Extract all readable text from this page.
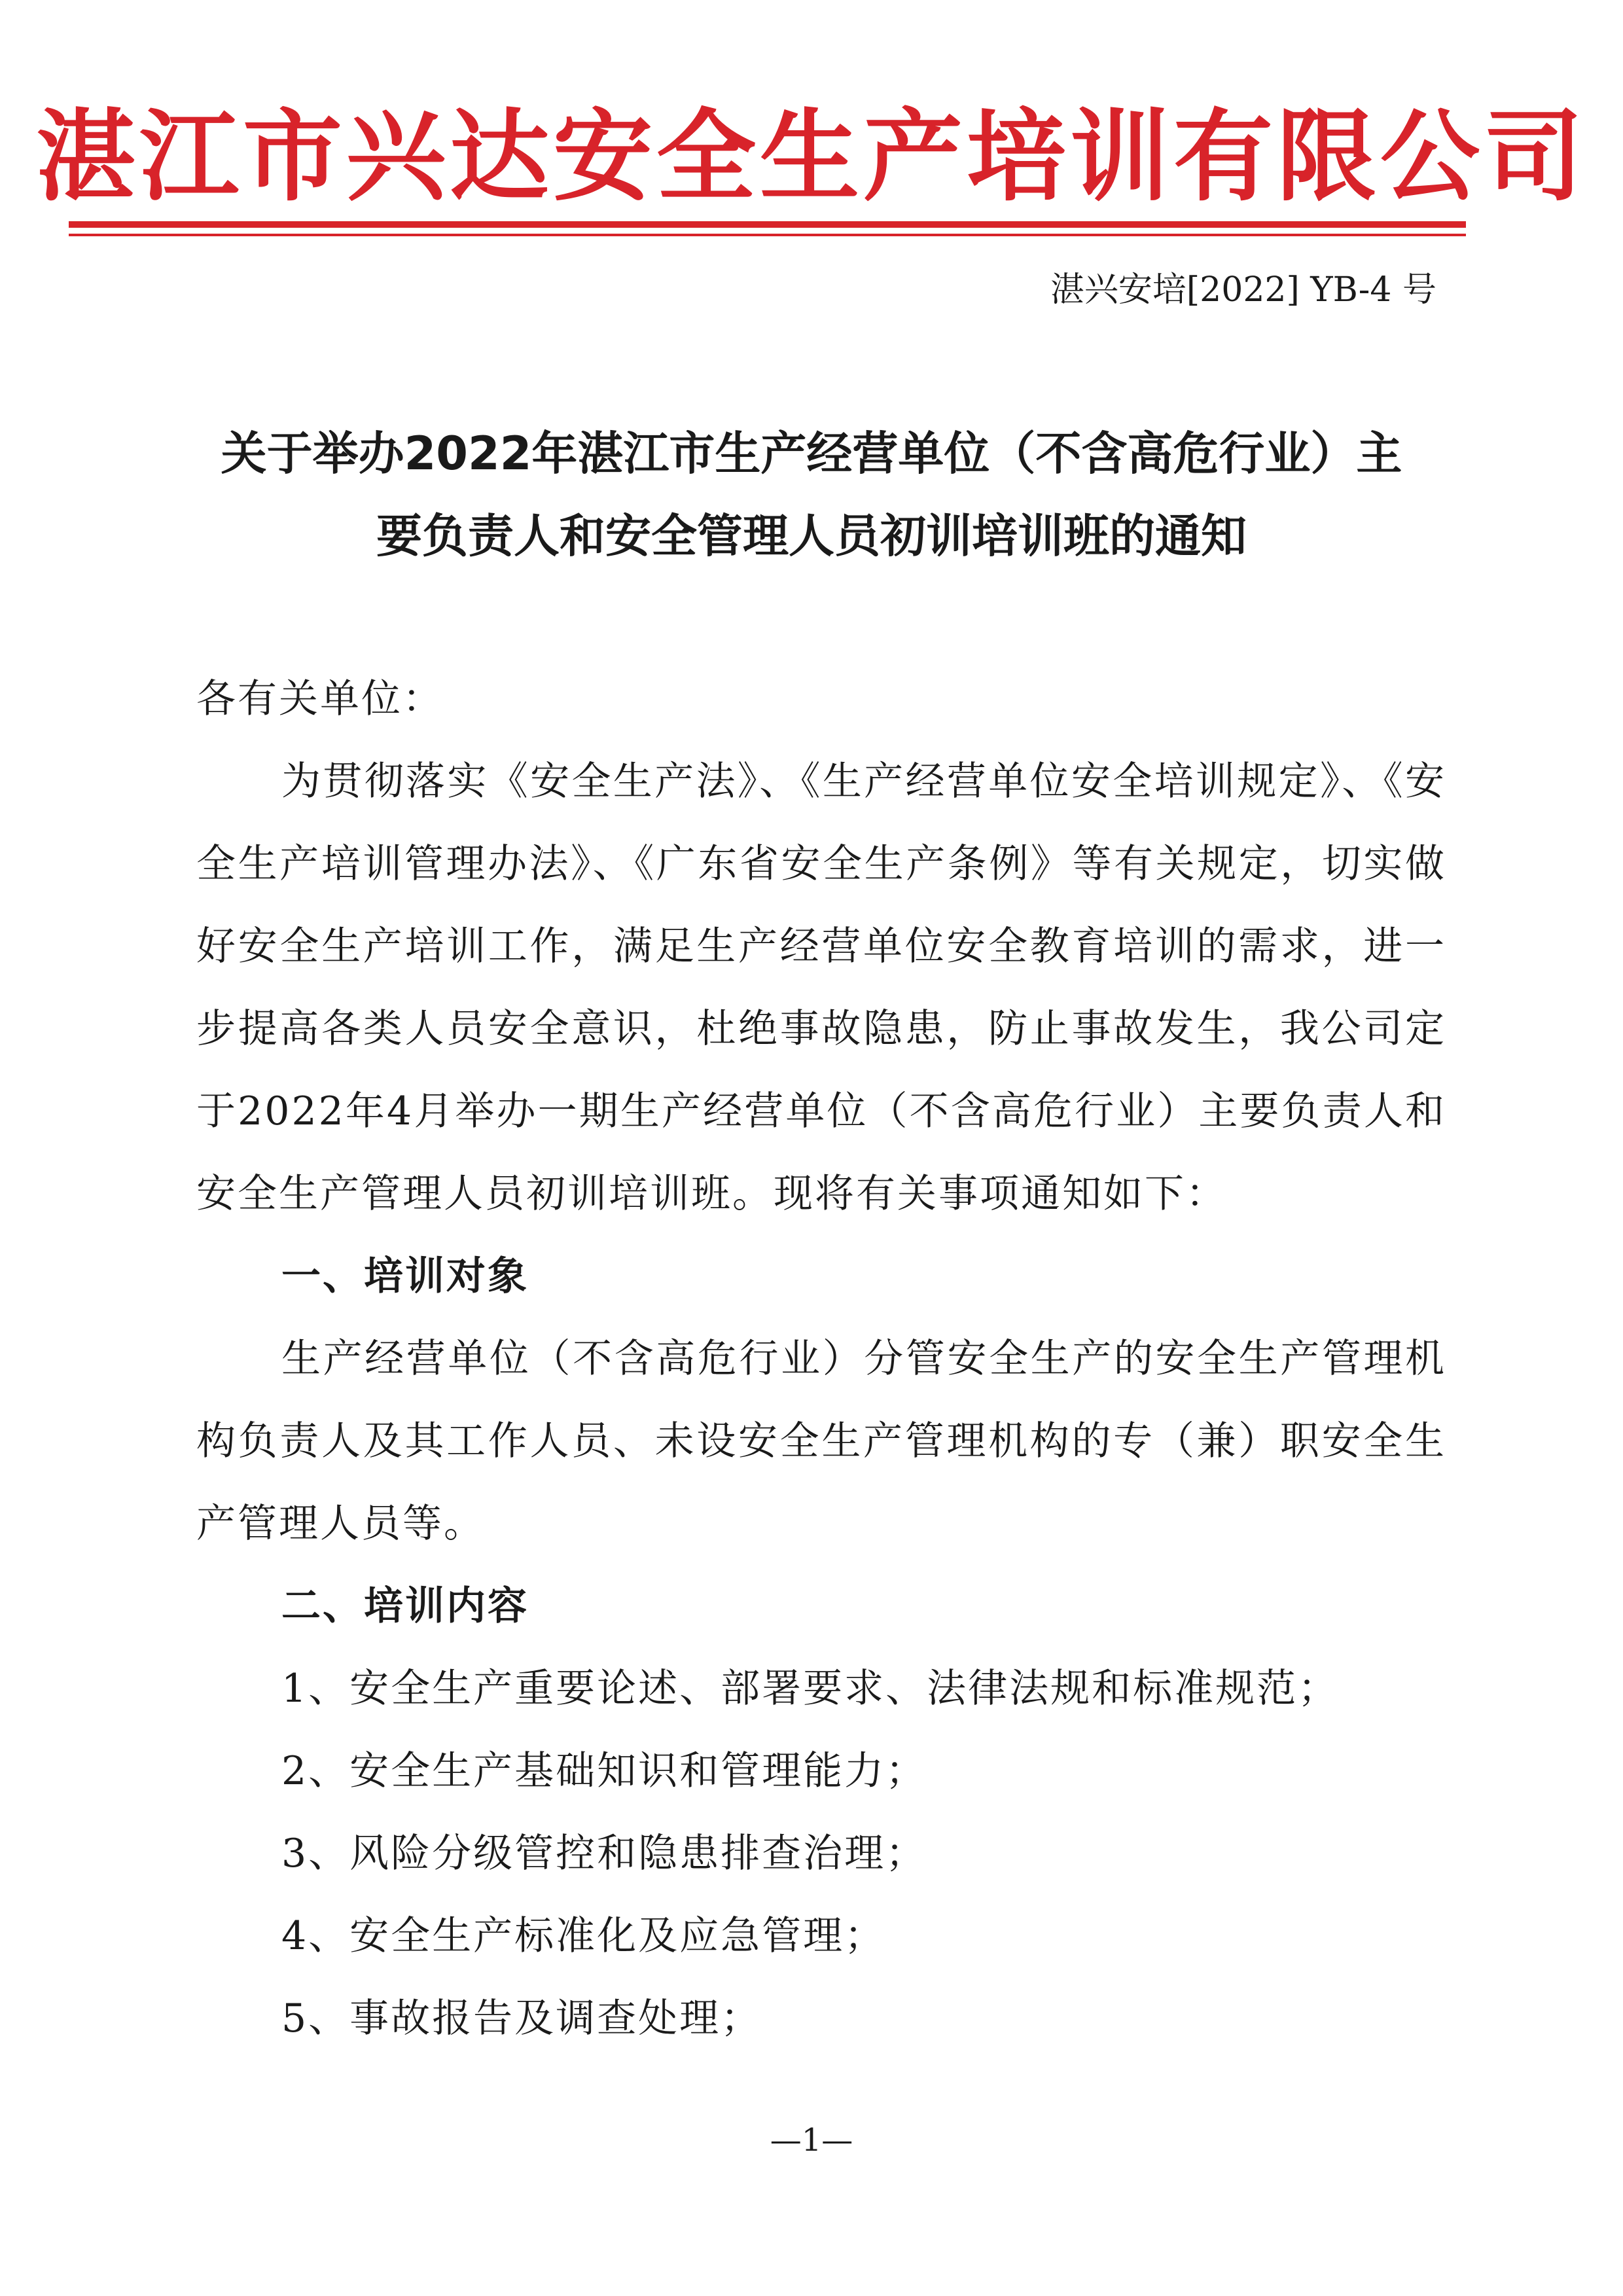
湛江市兴达安全生产培训有限公司
湛兴安培[2022] YB-4 号
关于举办2022年湛江市生产经营单位（不含高危行业）主
要负责人和安全管理人员初训培训班的通知

各有关单位：

为贯彻落实《安全生产法》、《生产经营单位安全培训规定》、《安全生产培训管理办法》、《广东省安全生产条例》等有关规定，切实做好安全生产培训工作，满足生产经营单位安全教育培训的需求，进一步提高各类人员安全意识，杜绝事故隐患，防止事故发生，我公司定于2022年4月举办一期生产经营单位（不含高危行业）主要负责人和安全生产管理人员初训培训班。现将有关事项通知如下：

一、培训对象

生产经营单位（不含高危行业）分管安全生产的安全生产管理机构负责人及其工作人员、未设安全生产管理机构的专（兼）职安全生产管理人员等。

二、培训内容

1、安全生产重要论述、部署要求、法律法规和标准规范；

2、安全生产基础知识和管理能力；

3、风险分级管控和隐患排查治理；

4、安全生产标准化及应急管理；

5、事故报告及调查处理；

—1—
